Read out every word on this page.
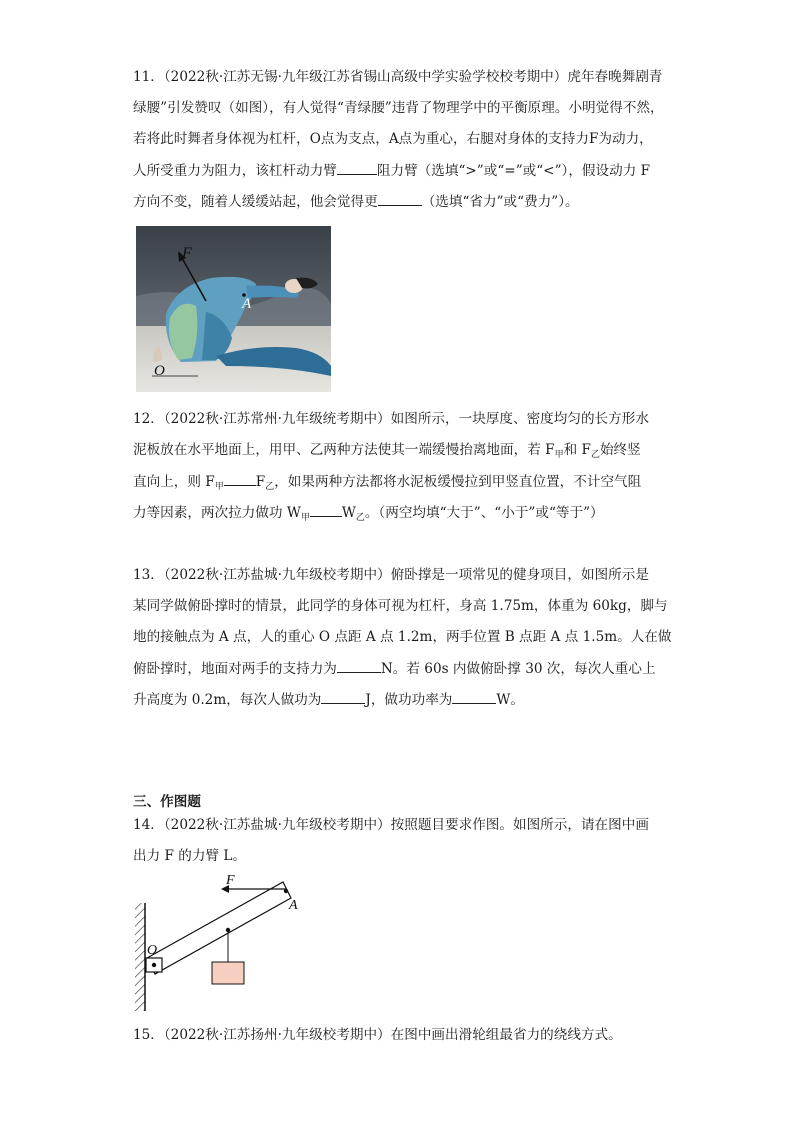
11．（2022秋·江苏无锡·九年级江苏省锡山高级中学实验学校校考期中）虎年春晚舞剧青
绿腰”引发赞叹（如图），有人觉得“青绿腰”违背了物理学中的平衡原理。小明觉得不然，
若将此时舞者身体视为杠杆，O点为支点，A点为重心，右腿对身体的支持力F为动力，
人所受重力为阻力，该杠杆动力臂	阻力臂（选填“>”或“=”或“<”），假设动力 F
方向不变，随着人缓缓站起，他会觉得更	（选填“省力”或“费力”）。
F
A
O
12．（2022秋·江苏常州·九年级统考期中）如图所示，一块厚度、密度均匀的长方形水
泥板放在水平地面上，用甲、乙两种方法使其一端缓慢抬离地面，若 $F_甲$和 $F_乙$始终竖
直向上，则 $F_甲$ $F_乙$，如果两种方法都将水泥板缓慢拉到甲竖直位置，不计空气阻
力等因素，两次拉力做功 $W_甲$ $W_乙$。（两空均填“大于”、“小于”或“等于”）
13．（2022秋·江苏盐城·九年级校考期中）俯卧撑是一项常见的健身项目，如图所示是
某同学做俯卧撑时的情景，此同学的身体可视为杠杆，身高 1.75m，体重为 60kg，脚与
地的接触点为 A 点，人的重心 O 点距 A 点 1.2m，两手位置 B 点距 A 点 1.5m。人在做
俯卧撑时，地面对两手的支持力为	N。若 60s 内做俯卧撑 30 次，每次人重心上
升高度为 0.2m，每次人做功为	J，做功功率为	W。
三、作图题
14．（2022秋·江苏盐城·九年级校考期中）按照题目要求作图。如图所示，请在图中画
出力 F 的力臂 L。
F
A
O
15．（2022秋·江苏扬州·九年级校考期中）在图中画出滑轮组最省力的绕线方式。
